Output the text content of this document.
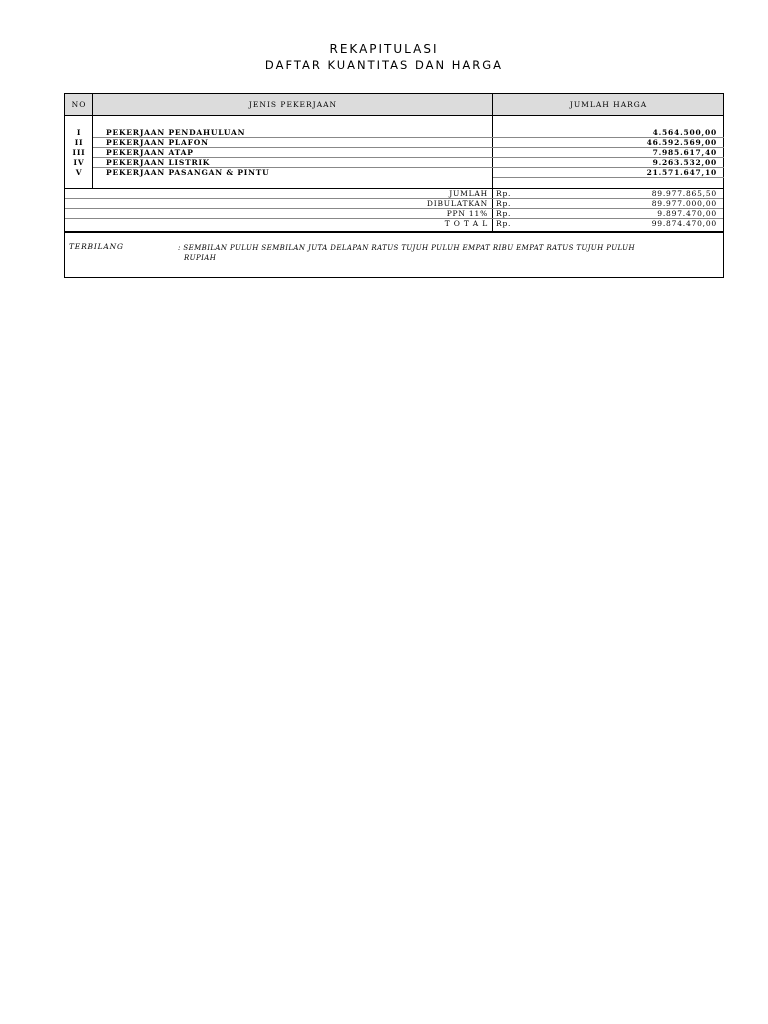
REKAPITULASI
DAFTAR KUANTITAS DAN HARGA
NO	JENIS PEKERJAAN	JUMLAH HARGA
I	PEKERJAAN PENDAHULUAN	4.564.500,00
II	PEKERJAAN PLAFON	46.592.569,00
III	PEKERJAAN ATAP	7.985.617,40
IV	PEKERJAAN LISTRIK	9.263.532,00
V	PEKERJAAN PASANGAN & PINTU	21.571.647,10
JUMLAH Rp.	89.977.865,50
DIBULATKAN Rp.	89.977.000,00
PPN 11% Rp.	9.897.470,00
T O T A L Rp.	99.874.470,00
TERBILANG	: SEMBILAN PULUH SEMBILAN JUTA DELAPAN RATUS TUJUH PULUH EMPAT RIBU EMPAT RATUS TUJUH PULUH
RUPIAH
